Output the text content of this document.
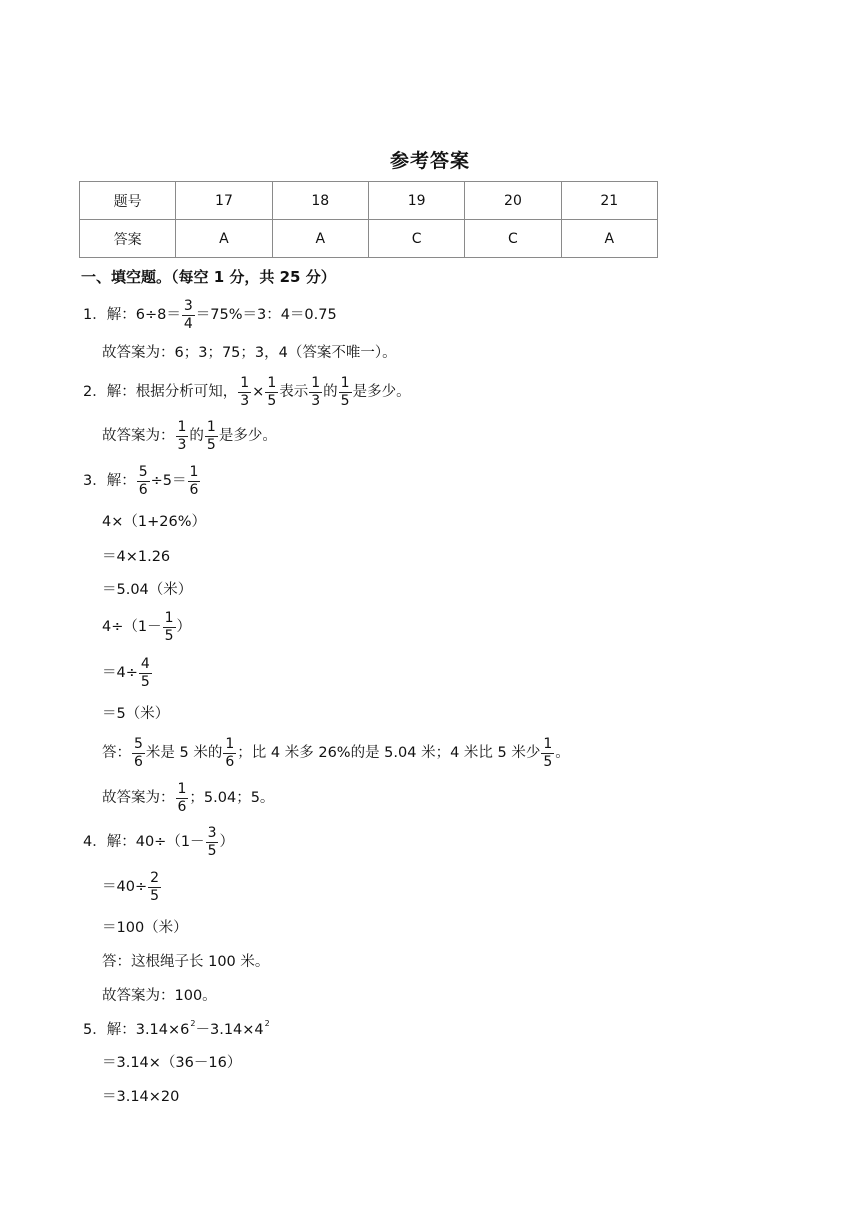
参考答案
题号	17	18	19	20	21
答案	A	A	C	C	A
一、填空题。（每空 1 分，共 25 分）
1．解：$6\div 8= \frac{3}{4} =75\%=3$：4＝0.75
故答案为：6；3；75；3，4（答案不唯一）。
2．解：根据分析可知， $\frac{1}{3} \times \frac{1}{5}$ 表示 $\frac{1}{3}$ 的 $\frac{1}{5}$ 是多少。
故答案为： $\frac{1}{3}$ 的 $\frac{1}{5}$ 是多少。
3．解： $\frac{5}{6} \div 5= \frac{1}{6}$
4×（1+26%）
＝4×1.26
＝5.04（米）
$4\div(1- \frac{1}{5}$ ）
$=4\div \frac{4}{5}$
＝5（米）
答： $\frac{5}{6}$ 米是 5 米的 $\frac{1}{6}$ ；比 4 米多 26%的是 5.04 米；4 米比 5 米少 $\frac{1}{5}$ 。
故答案为： $\frac{1}{6}$ ；5.04；5。
4．解：$40\div(1- \frac{3}{5}$ ）
$=40\div \frac{2}{5}$
＝100（米）
答：这根绳子长 100 米。
故答案为：100。
5．解：3.14×6 2 －3.14×4 2
＝3.14×（36－16）
＝3.14×20
